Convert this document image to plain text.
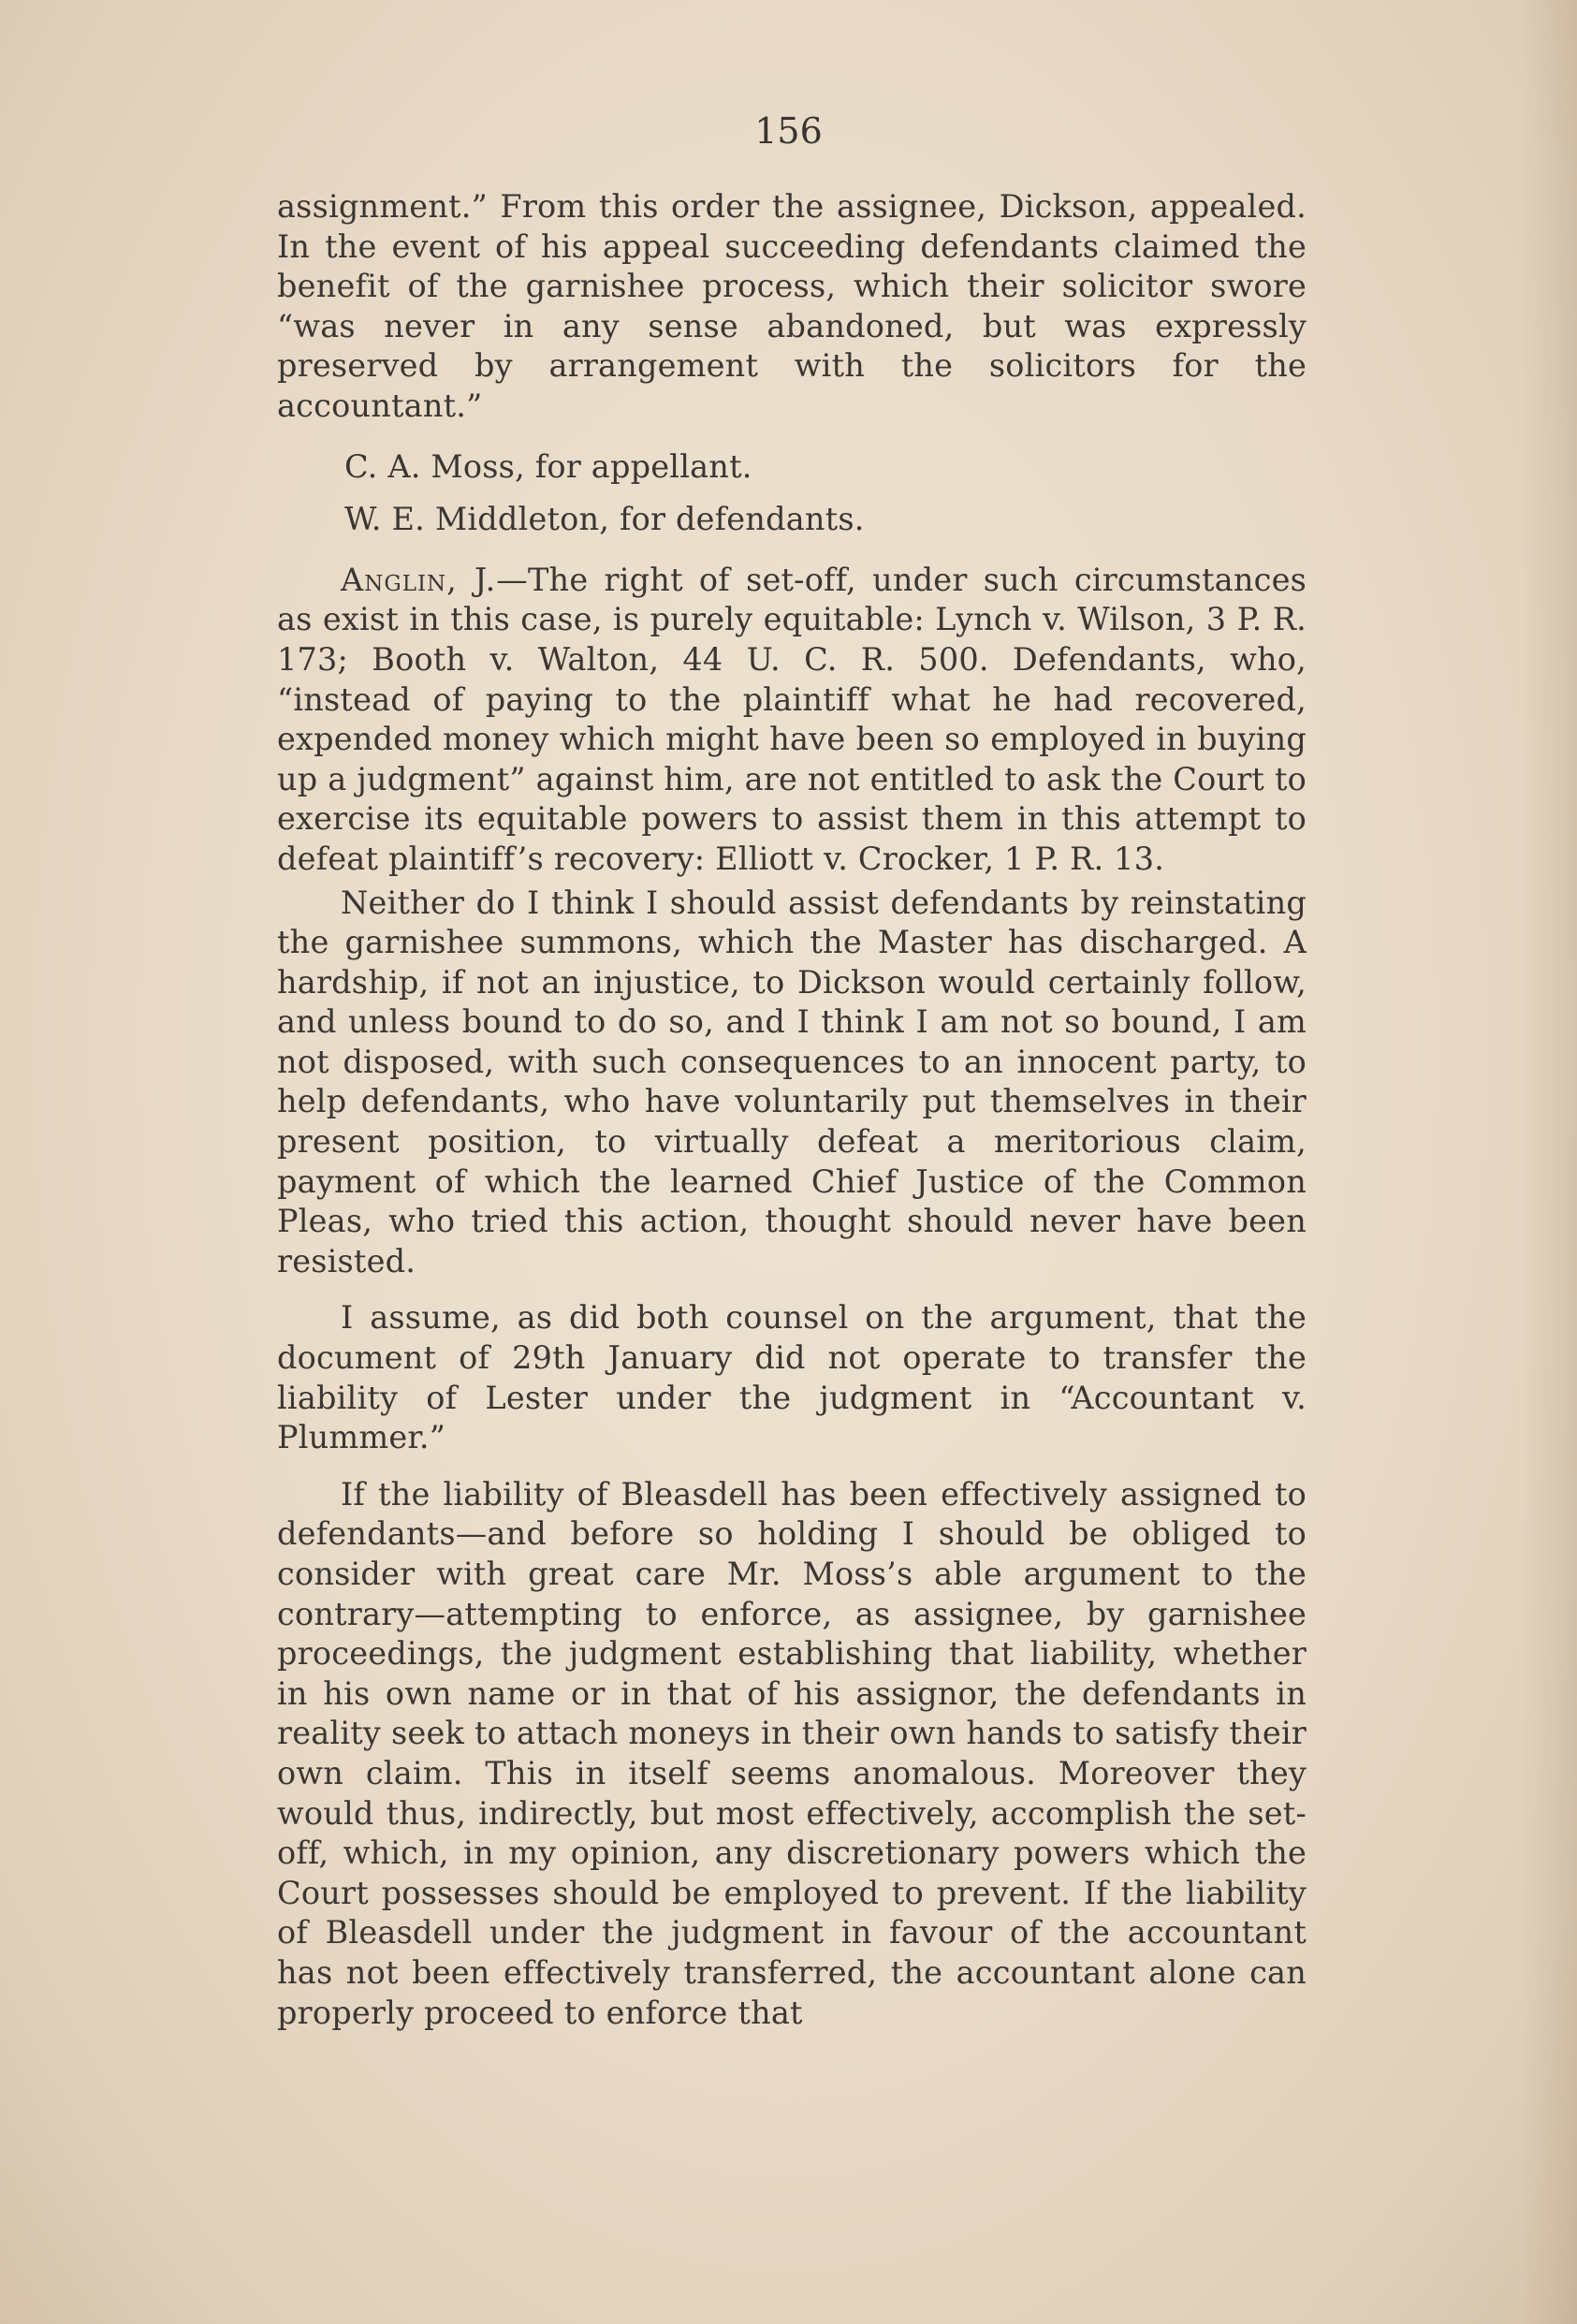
156

assignment.” From this order the assignee, Dickson, appealed. In the event of his appeal succeeding defendants claimed the benefit of the garnishee process, which their solicitor swore “was never in any sense abandoned, but was expressly preserved by arrangement with the solicitors for the accountant.”

C. A. Moss, for appellant.

W. E. Middleton, for defendants.

Anglin, J.—The right of set-off, under such circumstances as exist in this case, is purely equitable: Lynch v. Wilson, 3 P. R. 173; Booth v. Walton, 44 U. C. R. 500. Defendants, who, “instead of paying to the plaintiff what he had recovered, expended money which might have been so employed in buying up a judgment” against him, are not entitled to ask the Court to exercise its equitable powers to assist them in this attempt to defeat plaintiff’s recovery: Elliott v. Crocker, 1 P. R. 13.

Neither do I think I should assist defendants by reinstating the garnishee summons, which the Master has discharged. A hardship, if not an injustice, to Dickson would certainly follow, and unless bound to do so, and I think I am not so bound, I am not disposed, with such consequences to an innocent party, to help defendants, who have voluntarily put themselves in their present position, to virtually defeat a meritorious claim, payment of which the learned Chief Justice of the Common Pleas, who tried this action, thought should never have been resisted.

I assume, as did both counsel on the argument, that the document of 29th January did not operate to transfer the liability of Lester under the judgment in “Accountant v. Plummer.”

If the liability of Bleasdell has been effectively assigned to defendants—and before so holding I should be obliged to consider with great care Mr. Moss’s able argument to the contrary—attempting to enforce, as assignee, by garnishee proceedings, the judgment establishing that liability, whether in his own name or in that of his assignor, the defendants in reality seek to attach moneys in their own hands to satisfy their own claim. This in itself seems anomalous. Moreover they would thus, indirectly, but most effectively, accomplish the set-off, which, in my opinion, any discretionary powers which the Court possesses should be employed to prevent. If the liability of Bleasdell under the judgment in favour of the accountant has not been effectively transferred, the accountant alone can properly proceed to enforce that
